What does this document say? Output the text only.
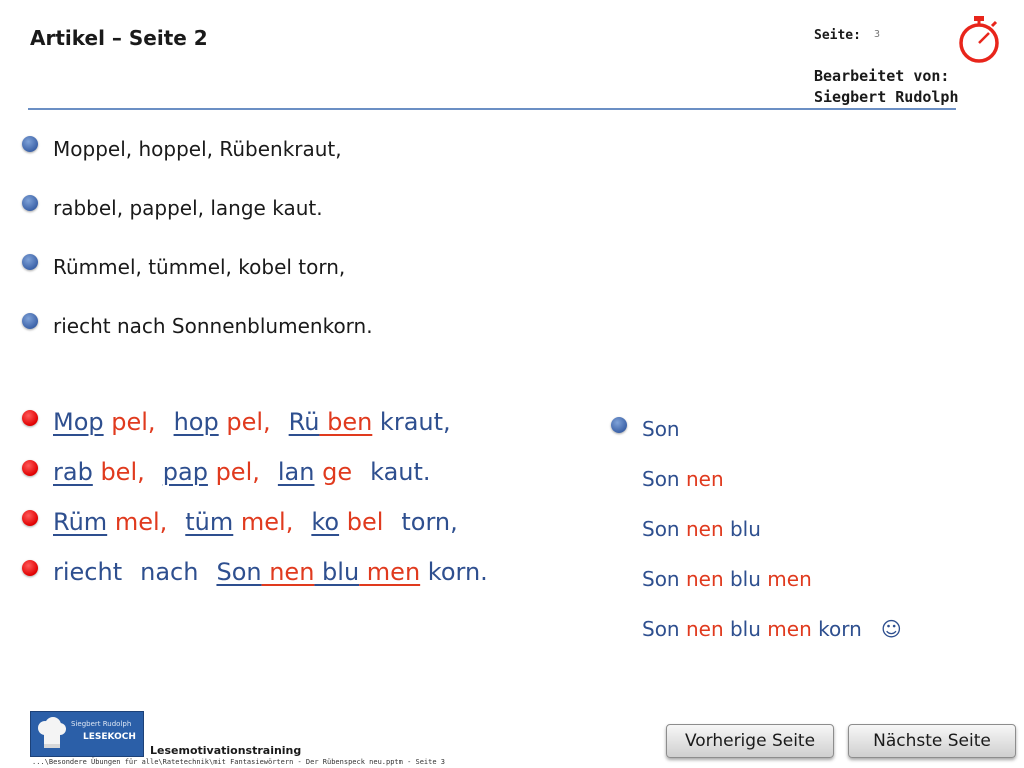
Artikel – Seite 2	Seite: 3
Bearbeitet von:
Siegbert Rudolph
Moppel, hoppel, Rübenkraut,
rabbel, pappel, lange kaut.
Rümmel, tümmel, kobel torn,
riecht nach Sonnenblumenkorn.
Mop pel, hop pel, Rü ben kraut,
rab bel, pap pel, lan ge kaut.
Rüm mel, tüm mel, ko bel torn,
riecht nach Son nen blu men korn.
Son
Son nen
Son nen blu
Son nen blu men
Son nen blu men korn   ☺
Siegbert Rudolph
LESEKOCH
Lesemotivationstraining
...\Besondere Übungen für alle\Ratetechnik\mit Fantasiewörtern - Der Rübenspeck neu.pptm - Seite 3
Vorherige Seite	Nächste Seite
